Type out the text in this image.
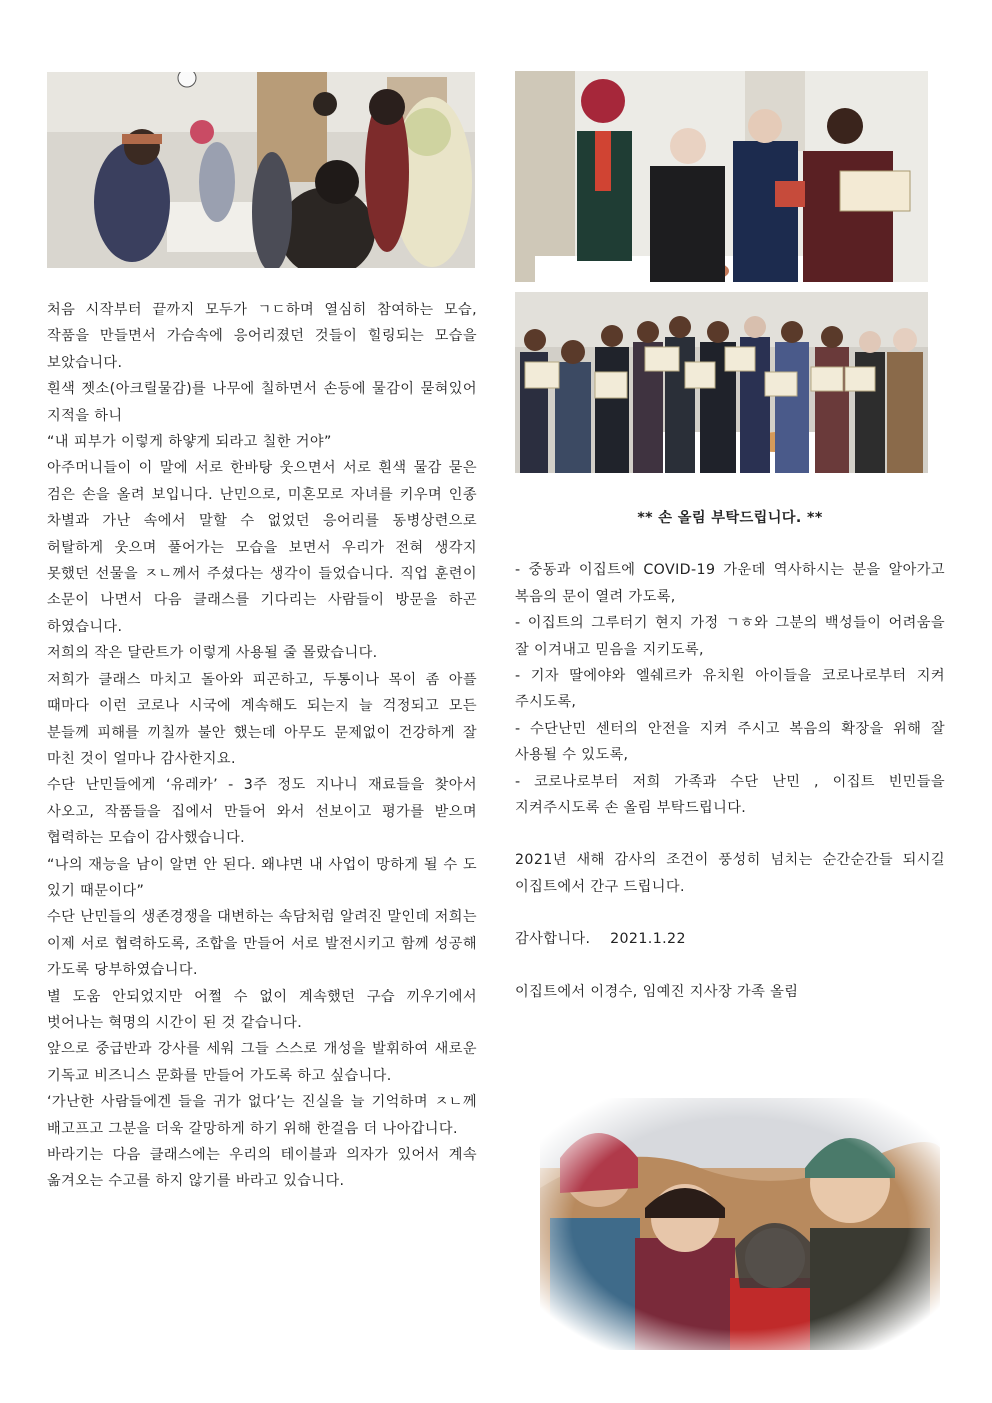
처음 시작부터 끝까지 모두가 ㄱㄷ하며 열심히 참여하는 모습, 작품을 만들면서 가슴속에 응어리졌던 것들이 힐링되는 모습을 보았습니다.

흰색 젯소(아크릴물감)를 나무에 칠하면서 손등에 물감이 묻혀있어 지적을 하니

“내 피부가 이렇게 하얗게 되라고 칠한 거야”

아주머니들이 이 말에 서로 한바탕 웃으면서 서로 흰색 물감 묻은 검은 손을 올려 보입니다. 난민으로, 미혼모로 자녀를 키우며 인종 차별과 가난 속에서 말할 수 없었던 응어리를 동병상련으로 허탈하게 웃으며 풀어가는 모습을 보면서 우리가 전혀 생각지 못했던 선물을 ㅈㄴ께서 주셨다는 생각이 들었습니다. 직업 훈련이 소문이 나면서 다음 클래스를 기다리는 사람들이 방문을 하곤 하였습니다.

저희의 작은 달란트가 이렇게 사용될 줄 몰랐습니다.

저희가 클래스 마치고 돌아와 피곤하고, 두통이나 목이 좀 아플 때마다 이런 코로나 시국에 계속해도 되는지 늘 걱정되고 모든 분들께 피해를 끼칠까 불안 했는데 아무도 문제없이 건강하게 잘 마친 것이 얼마나 감사한지요.

수단 난민들에게 ‘유레카’ - 3주 정도 지나니 재료들을 찾아서 사오고, 작품들을 집에서 만들어 와서 선보이고 평가를 받으며 협력하는 모습이 감사했습니다.

“나의 재능을 남이 알면 안 된다. 왜냐면 내 사업이 망하게 될 수 도 있기 때문이다”

수단 난민들의 생존경쟁을 대변하는 속담처럼 알려진 말인데 저희는 이제 서로 협력하도록, 조합을 만들어 서로 발전시키고 함께 성공해 가도록 당부하였습니다.

별 도움 안되었지만 어쩔 수 없이 계속했던 구습 끼우기에서 벗어나는 혁명의 시간이 된 것 같습니다.

앞으로 중급반과 강사를 세워 그들 스스로 개성을 발휘하여 새로운 기독교 비즈니스 문화를 만들어 가도록 하고 싶습니다.

‘가난한 사람들에겐 들을 귀가 없다’는 진실을 늘 기억하며 ㅈㄴ께 배고프고 그분을 더욱 갈망하게 하기 위해 한걸음 더 나아갑니다.

바라기는 다음 클래스에는 우리의 테이블과 의자가 있어서 계속 옮겨오는 수고를 하지 않기를 바라고 있습니다.

** 손 올림 부탁드립니다. **

- 중동과 이집트에 COVID-19 가운데 역사하시는 분을 알아가고 복음의 문이 열려 가도록,

- 이집트의 그루터기 현지 가정 ㄱㅎ와 그분의 백성들이 어려움을 잘 이겨내고 믿음을 지키도록,

- 기자 딸에야와 엘쉐르카 유치원 아이들을 코로나로부터 지켜 주시도록,

- 수단난민 센터의 안전을 지켜 주시고 복음의 확장을 위해 잘 사용될 수 있도록,

- 코로나로부터 저희 가족과 수단 난민 , 이집트 빈민들을 지켜주시도록 손 올림 부탁드립니다.

2021년 새해 감사의 조건이 풍성히 넘치는 순간순간들 되시길 이집트에서 간구 드립니다.

감사합니다.    2021.1.22

이집트에서 이경수, 임예진 지사장 가족 올림
